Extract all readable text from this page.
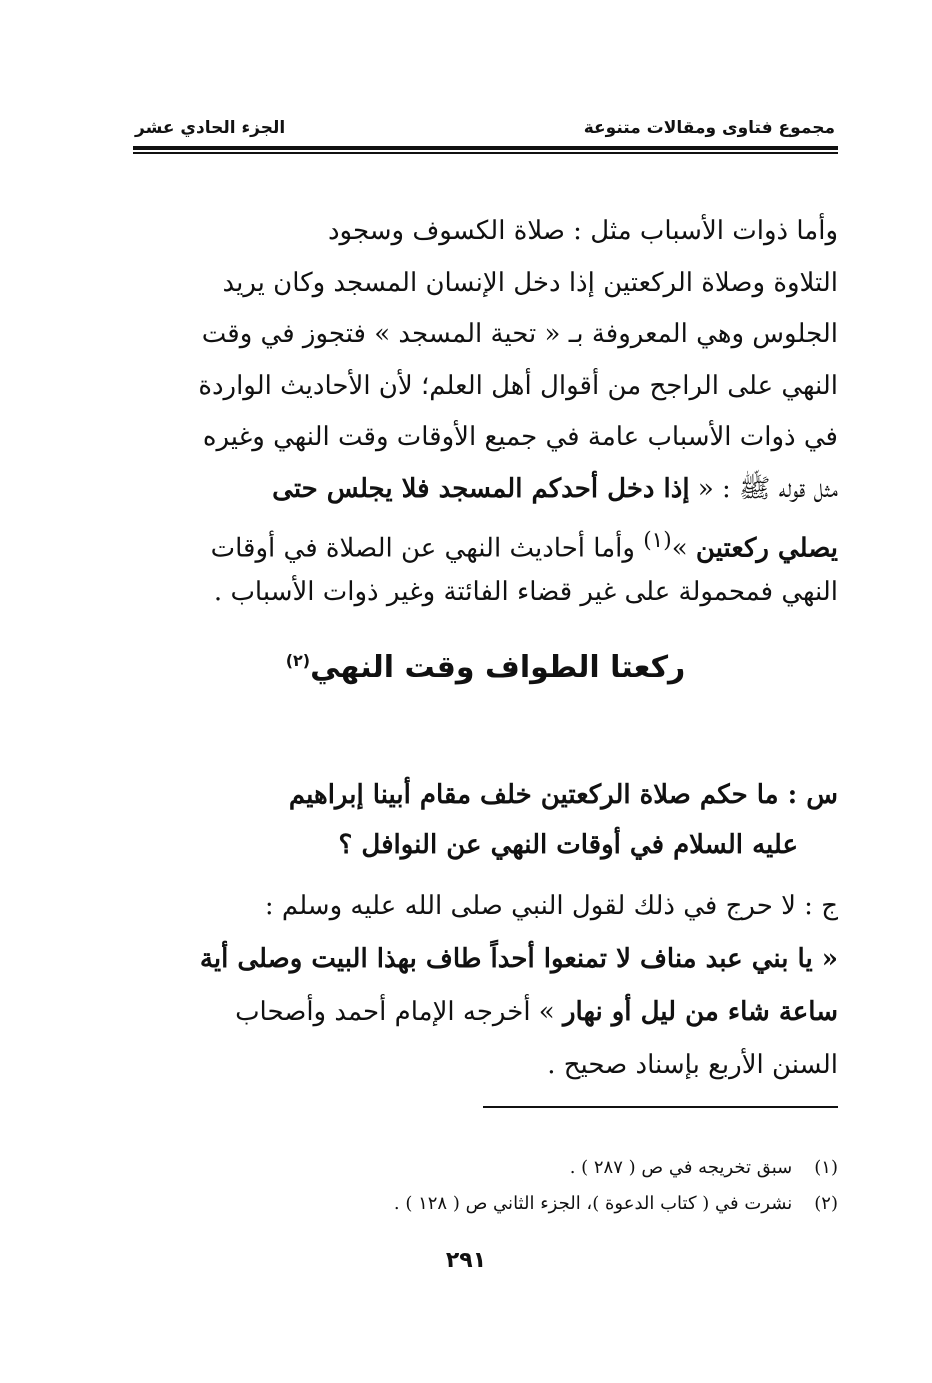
مجموع فتاوى ومقالات متنوعة
الجزء الحادي عشر
وأما ذوات الأسباب مثل : صلاة الكسوف وسجود
التلاوة وصلاة الركعتين إذا دخل الإنسان المسجد وكان يريد
الجلوس وهي المعروفة بـ « تحية المسجد » فتجوز في وقت
النهي على الراجح من أقوال أهل العلم؛ لأن الأحاديث الواردة
في ذوات الأسباب عامة في جميع الأوقات وقت النهي وغيره
مثل قوله ﷺ : « إذا دخل أحدكم المسجد فلا يجلس حتى
يصلي ركعتين »$^{(١)}$ وأما أحاديث النهي عن الصلاة في أوقات
النهي فمحمولة على غير قضاء الفائتة وغير ذوات الأسباب .
ركعتا الطواف وقت النهي$^{(٢)}$
س : ما حكم صلاة الركعتين خلف مقام أبينا إبراهيم
عليه السلام في أوقات النهي عن النوافل ؟
ج : لا حرج في ذلك لقول النبي صلى الله عليه وسلم :
« يا بني عبد مناف لا تمنعوا أحداً طاف بهذا البيت وصلى أية
ساعة شاء من ليل أو نهار » أخرجه الإمام أحمد وأصحاب
السنن الأربع بإسناد صحيح .
(١) سبق تخريجه في ص ( ٢٨٧ ) .
(٢) نشرت في ( كتاب الدعوة )، الجزء الثاني ص ( ١٢٨ ) .
٢٩١
